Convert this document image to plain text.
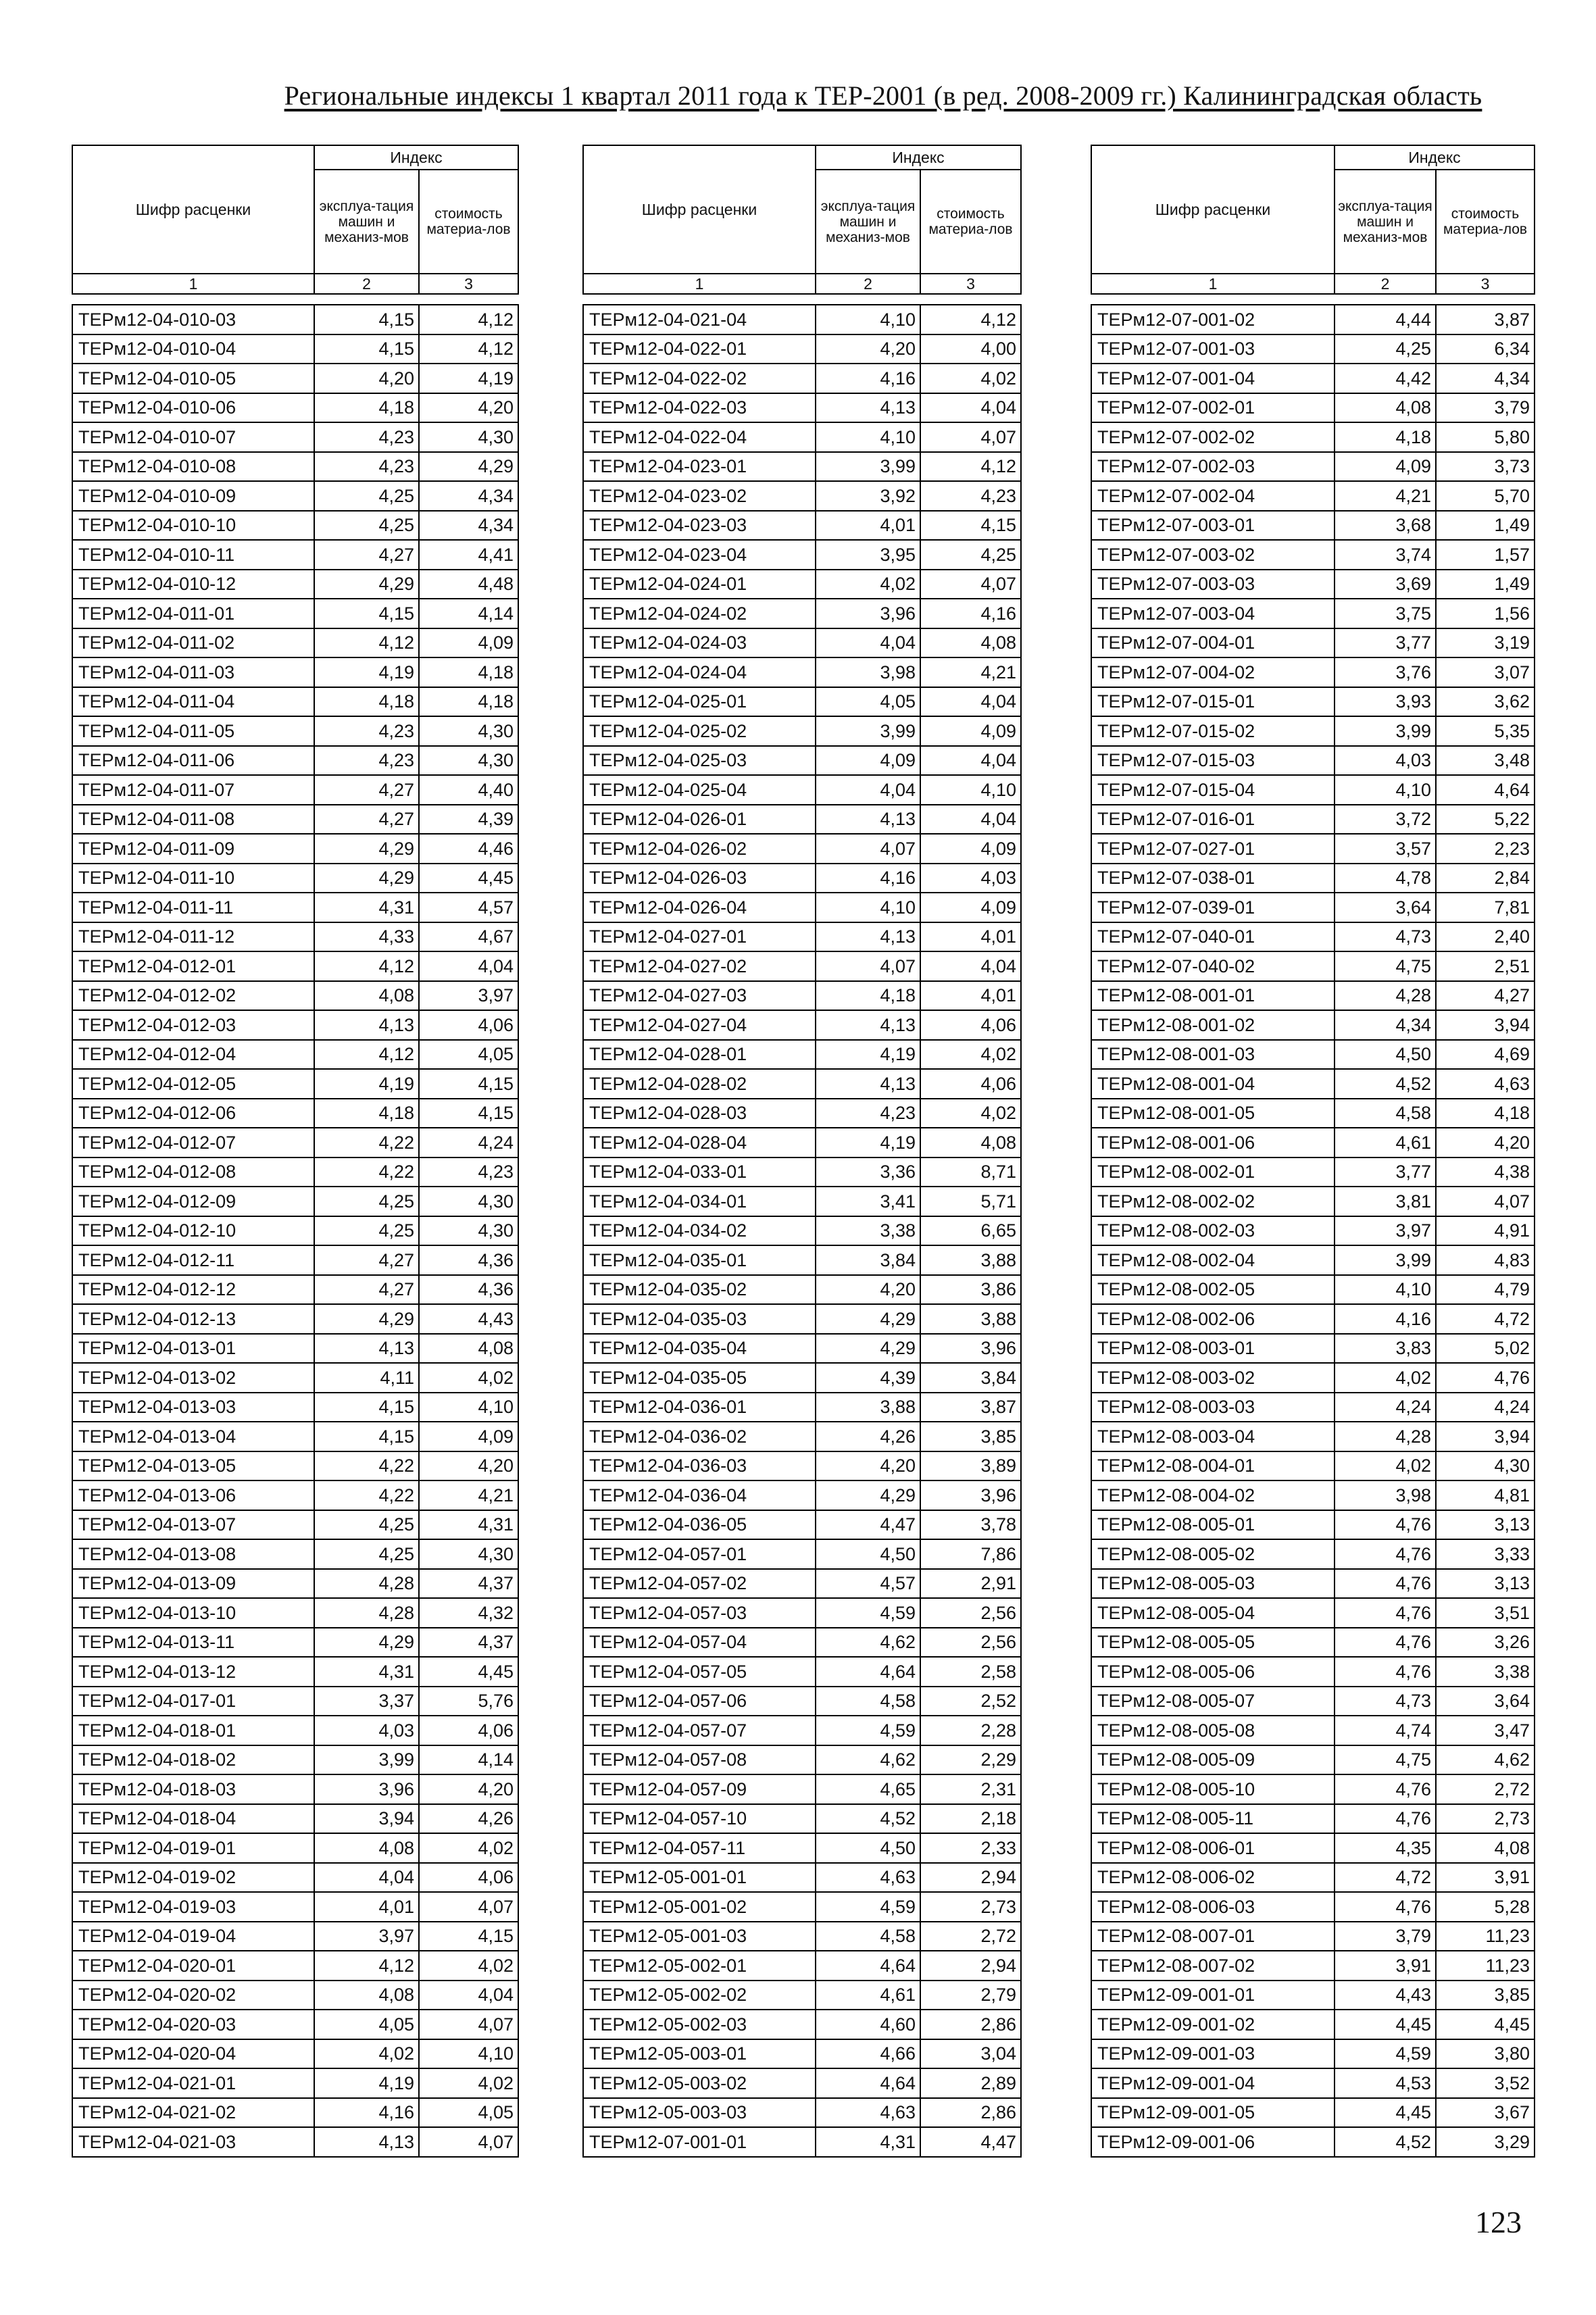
Региональные индексы 1 квартал 2011 года к ТЕР-2001 (в ред. 2008-2009 гг.) Калининградская область
Шифр расценки	Индекс	
	эксплуа-тация машин и механиз-мов	стоимость материа-лов
1	2	3

ТЕРм12-04-010-03	4,15	4,12
ТЕРм12-04-010-04	4,15	4,12
ТЕРм12-04-010-05	4,20	4,19
ТЕРм12-04-010-06	4,18	4,20
ТЕРм12-04-010-07	4,23	4,30
ТЕРм12-04-010-08	4,23	4,29
ТЕРм12-04-010-09	4,25	4,34
ТЕРм12-04-010-10	4,25	4,34
ТЕРм12-04-010-11	4,27	4,41
ТЕРм12-04-010-12	4,29	4,48
ТЕРм12-04-011-01	4,15	4,14
ТЕРм12-04-011-02	4,12	4,09
ТЕРм12-04-011-03	4,19	4,18
ТЕРм12-04-011-04	4,18	4,18
ТЕРм12-04-011-05	4,23	4,30
ТЕРм12-04-011-06	4,23	4,30
ТЕРм12-04-011-07	4,27	4,40
ТЕРм12-04-011-08	4,27	4,39
ТЕРм12-04-011-09	4,29	4,46
ТЕРм12-04-011-10	4,29	4,45
ТЕРм12-04-011-11	4,31	4,57
ТЕРм12-04-011-12	4,33	4,67
ТЕРм12-04-012-01	4,12	4,04
ТЕРм12-04-012-02	4,08	3,97
ТЕРм12-04-012-03	4,13	4,06
ТЕРм12-04-012-04	4,12	4,05
ТЕРм12-04-012-05	4,19	4,15
ТЕРм12-04-012-06	4,18	4,15
ТЕРм12-04-012-07	4,22	4,24
ТЕРм12-04-012-08	4,22	4,23
ТЕРм12-04-012-09	4,25	4,30
ТЕРм12-04-012-10	4,25	4,30
ТЕРм12-04-012-11	4,27	4,36
ТЕРм12-04-012-12	4,27	4,36
ТЕРм12-04-012-13	4,29	4,43
ТЕРм12-04-013-01	4,13	4,08
ТЕРм12-04-013-02	4,11	4,02
ТЕРм12-04-013-03	4,15	4,10
ТЕРм12-04-013-04	4,15	4,09
ТЕРм12-04-013-05	4,22	4,20
ТЕРм12-04-013-06	4,22	4,21
ТЕРм12-04-013-07	4,25	4,31
ТЕРм12-04-013-08	4,25	4,30
ТЕРм12-04-013-09	4,28	4,37
ТЕРм12-04-013-10	4,28	4,32
ТЕРм12-04-013-11	4,29	4,37
ТЕРм12-04-013-12	4,31	4,45
ТЕРм12-04-017-01	3,37	5,76
ТЕРм12-04-018-01	4,03	4,06
ТЕРм12-04-018-02	3,99	4,14
ТЕРм12-04-018-03	3,96	4,20
ТЕРм12-04-018-04	3,94	4,26
ТЕРм12-04-019-01	4,08	4,02
ТЕРм12-04-019-02	4,04	4,06
ТЕРм12-04-019-03	4,01	4,07
ТЕРм12-04-019-04	3,97	4,15
ТЕРм12-04-020-01	4,12	4,02
ТЕРм12-04-020-02	4,08	4,04
ТЕРм12-04-020-03	4,05	4,07
ТЕРм12-04-020-04	4,02	4,10
ТЕРм12-04-021-01	4,19	4,02
ТЕРм12-04-021-02	4,16	4,05
ТЕРм12-04-021-03	4,13	4,07
Шифр расценки	Индекс	
	эксплуа-тация машин и механиз-мов	стоимость материа-лов
1	2	3

ТЕРм12-04-021-04	4,10	4,12
ТЕРм12-04-022-01	4,20	4,00
ТЕРм12-04-022-02	4,16	4,02
ТЕРм12-04-022-03	4,13	4,04
ТЕРм12-04-022-04	4,10	4,07
ТЕРм12-04-023-01	3,99	4,12
ТЕРм12-04-023-02	3,92	4,23
ТЕРм12-04-023-03	4,01	4,15
ТЕРм12-04-023-04	3,95	4,25
ТЕРм12-04-024-01	4,02	4,07
ТЕРм12-04-024-02	3,96	4,16
ТЕРм12-04-024-03	4,04	4,08
ТЕРм12-04-024-04	3,98	4,21
ТЕРм12-04-025-01	4,05	4,04
ТЕРм12-04-025-02	3,99	4,09
ТЕРм12-04-025-03	4,09	4,04
ТЕРм12-04-025-04	4,04	4,10
ТЕРм12-04-026-01	4,13	4,04
ТЕРм12-04-026-02	4,07	4,09
ТЕРм12-04-026-03	4,16	4,03
ТЕРм12-04-026-04	4,10	4,09
ТЕРм12-04-027-01	4,13	4,01
ТЕРм12-04-027-02	4,07	4,04
ТЕРм12-04-027-03	4,18	4,01
ТЕРм12-04-027-04	4,13	4,06
ТЕРм12-04-028-01	4,19	4,02
ТЕРм12-04-028-02	4,13	4,06
ТЕРм12-04-028-03	4,23	4,02
ТЕРм12-04-028-04	4,19	4,08
ТЕРм12-04-033-01	3,36	8,71
ТЕРм12-04-034-01	3,41	5,71
ТЕРм12-04-034-02	3,38	6,65
ТЕРм12-04-035-01	3,84	3,88
ТЕРм12-04-035-02	4,20	3,86
ТЕРм12-04-035-03	4,29	3,88
ТЕРм12-04-035-04	4,29	3,96
ТЕРм12-04-035-05	4,39	3,84
ТЕРм12-04-036-01	3,88	3,87
ТЕРм12-04-036-02	4,26	3,85
ТЕРм12-04-036-03	4,20	3,89
ТЕРм12-04-036-04	4,29	3,96
ТЕРм12-04-036-05	4,47	3,78
ТЕРм12-04-057-01	4,50	7,86
ТЕРм12-04-057-02	4,57	2,91
ТЕРм12-04-057-03	4,59	2,56
ТЕРм12-04-057-04	4,62	2,56
ТЕРм12-04-057-05	4,64	2,58
ТЕРм12-04-057-06	4,58	2,52
ТЕРм12-04-057-07	4,59	2,28
ТЕРм12-04-057-08	4,62	2,29
ТЕРм12-04-057-09	4,65	2,31
ТЕРм12-04-057-10	4,52	2,18
ТЕРм12-04-057-11	4,50	2,33
ТЕРм12-05-001-01	4,63	2,94
ТЕРм12-05-001-02	4,59	2,73
ТЕРм12-05-001-03	4,58	2,72
ТЕРм12-05-002-01	4,64	2,94
ТЕРм12-05-002-02	4,61	2,79
ТЕРм12-05-002-03	4,60	2,86
ТЕРм12-05-003-01	4,66	3,04
ТЕРм12-05-003-02	4,64	2,89
ТЕРм12-05-003-03	4,63	2,86
ТЕРм12-07-001-01	4,31	4,47
Шифр расценки	Индекс	
	эксплуа-тация машин и механиз-мов	стоимость материа-лов
1	2	3

ТЕРм12-07-001-02	4,44	3,87
ТЕРм12-07-001-03	4,25	6,34
ТЕРм12-07-001-04	4,42	4,34
ТЕРм12-07-002-01	4,08	3,79
ТЕРм12-07-002-02	4,18	5,80
ТЕРм12-07-002-03	4,09	3,73
ТЕРм12-07-002-04	4,21	5,70
ТЕРм12-07-003-01	3,68	1,49
ТЕРм12-07-003-02	3,74	1,57
ТЕРм12-07-003-03	3,69	1,49
ТЕРм12-07-003-04	3,75	1,56
ТЕРм12-07-004-01	3,77	3,19
ТЕРм12-07-004-02	3,76	3,07
ТЕРм12-07-015-01	3,93	3,62
ТЕРм12-07-015-02	3,99	5,35
ТЕРм12-07-015-03	4,03	3,48
ТЕРм12-07-015-04	4,10	4,64
ТЕРм12-07-016-01	3,72	5,22
ТЕРм12-07-027-01	3,57	2,23
ТЕРм12-07-038-01	4,78	2,84
ТЕРм12-07-039-01	3,64	7,81
ТЕРм12-07-040-01	4,73	2,40
ТЕРм12-07-040-02	4,75	2,51
ТЕРм12-08-001-01	4,28	4,27
ТЕРм12-08-001-02	4,34	3,94
ТЕРм12-08-001-03	4,50	4,69
ТЕРм12-08-001-04	4,52	4,63
ТЕРм12-08-001-05	4,58	4,18
ТЕРм12-08-001-06	4,61	4,20
ТЕРм12-08-002-01	3,77	4,38
ТЕРм12-08-002-02	3,81	4,07
ТЕРм12-08-002-03	3,97	4,91
ТЕРм12-08-002-04	3,99	4,83
ТЕРм12-08-002-05	4,10	4,79
ТЕРм12-08-002-06	4,16	4,72
ТЕРм12-08-003-01	3,83	5,02
ТЕРм12-08-003-02	4,02	4,76
ТЕРм12-08-003-03	4,24	4,24
ТЕРм12-08-003-04	4,28	3,94
ТЕРм12-08-004-01	4,02	4,30
ТЕРм12-08-004-02	3,98	4,81
ТЕРм12-08-005-01	4,76	3,13
ТЕРм12-08-005-02	4,76	3,33
ТЕРм12-08-005-03	4,76	3,13
ТЕРм12-08-005-04	4,76	3,51
ТЕРм12-08-005-05	4,76	3,26
ТЕРм12-08-005-06	4,76	3,38
ТЕРм12-08-005-07	4,73	3,64
ТЕРм12-08-005-08	4,74	3,47
ТЕРм12-08-005-09	4,75	4,62
ТЕРм12-08-005-10	4,76	2,72
ТЕРм12-08-005-11	4,76	2,73
ТЕРм12-08-006-01	4,35	4,08
ТЕРм12-08-006-02	4,72	3,91
ТЕРм12-08-006-03	4,76	5,28
ТЕРм12-08-007-01	3,79	11,23
ТЕРм12-08-007-02	3,91	11,23
ТЕРм12-09-001-01	4,43	3,85
ТЕРм12-09-001-02	4,45	4,45
ТЕРм12-09-001-03	4,59	3,80
ТЕРм12-09-001-04	4,53	3,52
ТЕРм12-09-001-05	4,45	3,67
ТЕРм12-09-001-06	4,52	3,29
123
